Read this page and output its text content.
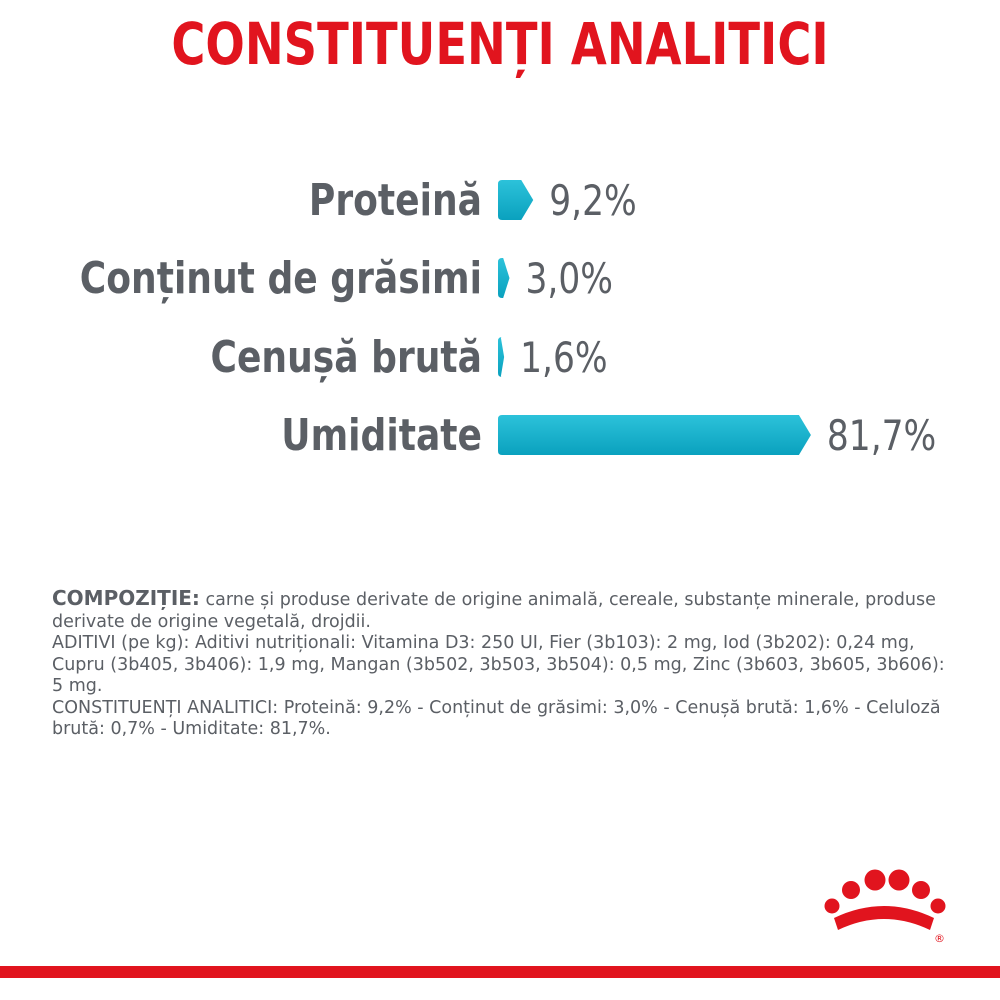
CONSTITUENȚI ANALITICI
Proteină 9,2%
Conținut de grăsimi 3,0%
Cenușă brută 1,6%
Umiditate	81,7%

COMPOZIȚIE: carne și produse derivate de origine animală, cereale, substanțe minerale, produse derivate de origine vegetală, drojdii.

ADITIVI (pe kg): Aditivi nutriționali: Vitamina D3: 250 UI, Fier (3b103): 2 mg, Iod (3b202): 0,24 mg, Cupru (3b405, 3b406): 1,9 mg, Mangan (3b502, 3b503, 3b504): 0,5 mg, Zinc (3b603, 3b605, 3b606): 5 mg.

CONSTITUENȚI ANALITICI: Proteină: 9,2% - Conținut de grăsimi: 3,0% - Cenușă brută: 1,6% - Celuloză brută: 0,7% - Umiditate: 81,7%.

®
